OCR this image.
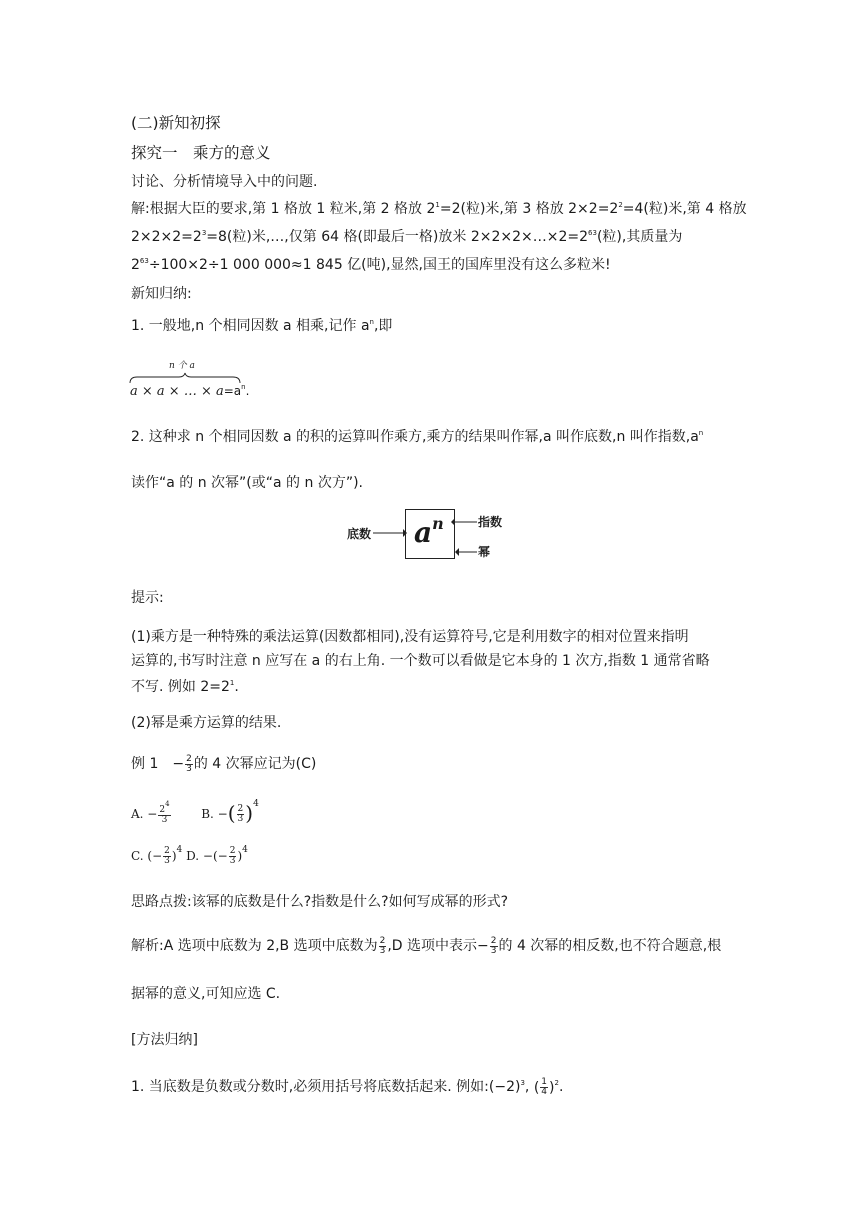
(二)新知初探
探究一　乘方的意义
讨论、分析情境导入中的问题.
解:根据大臣的要求,第 1 格放 1 粒米,第 2 格放 $2^1=2$(粒)米,第 3 格放 $2\times 2=2^2=4$(粒)米,第 4 格放
$2\times 2\times 2=2^3=8$(粒)米,…,仅第 64 格(即最后一格)放米 $2\times 2\times 2\times\dots\times 2=2^{63}$(粒),其质量为
$2^{63}\div 100\times 2\div 1$ 000 000≈1 845 亿(吨),显然,国王的国库里没有这么多粒米!
新知归纳:
1. 一般地,n 个相同因数 a 相乘,记作 $a^n$,即
n 个 a
a × a × … × $a=a^n$.
2. 这种求 n 个相同因数 a 的积的运算叫作乘方,乘方的结果叫作幂,a 叫作底数,n 叫作指数$,a^n$
读作“a 的 n 次幂”(或“a 的 n 次方”).
底数 $a^n$	指数
幂
提示:
(1)乘方是一种特殊的乘法运算(因数都相同),没有运算符号,它是利用数字的相对位置来指明
运算的,书写时注意 n 应写在 a 的右上角. 一个数可以看做是它本身的 1 次方,指数 1 通常省略
不写. 例如 $2=2^1$.
(2)幂是乘方运算的结果.
例 1　− $\frac{2}{3}$ 的 4 次幂应记为(C)
A. − $\frac{2^4}{3}$	B. −( $\frac{2}{3} )^4$
C. (− $\frac{2}{3} )^4$ D. −(− $\frac{2}{3} )^4$
思路点拨:该幂的底数是什么?指数是什么?如何写成幂的形式?
解析:A 选项中底数为 2,B 选项中底数为 $\frac{2}{3} ,D$ 选项中表示− $\frac{2}{3}$ 的 4 次幂的相反数,也不符合题意,根
据幂的意义,可知应选 C.
[方法归纳]
1. 当底数是负数或分数时,必须用括号将底数括起来. 例如$:(-2)^3$, ( $\frac{1}{4} )^2$.
